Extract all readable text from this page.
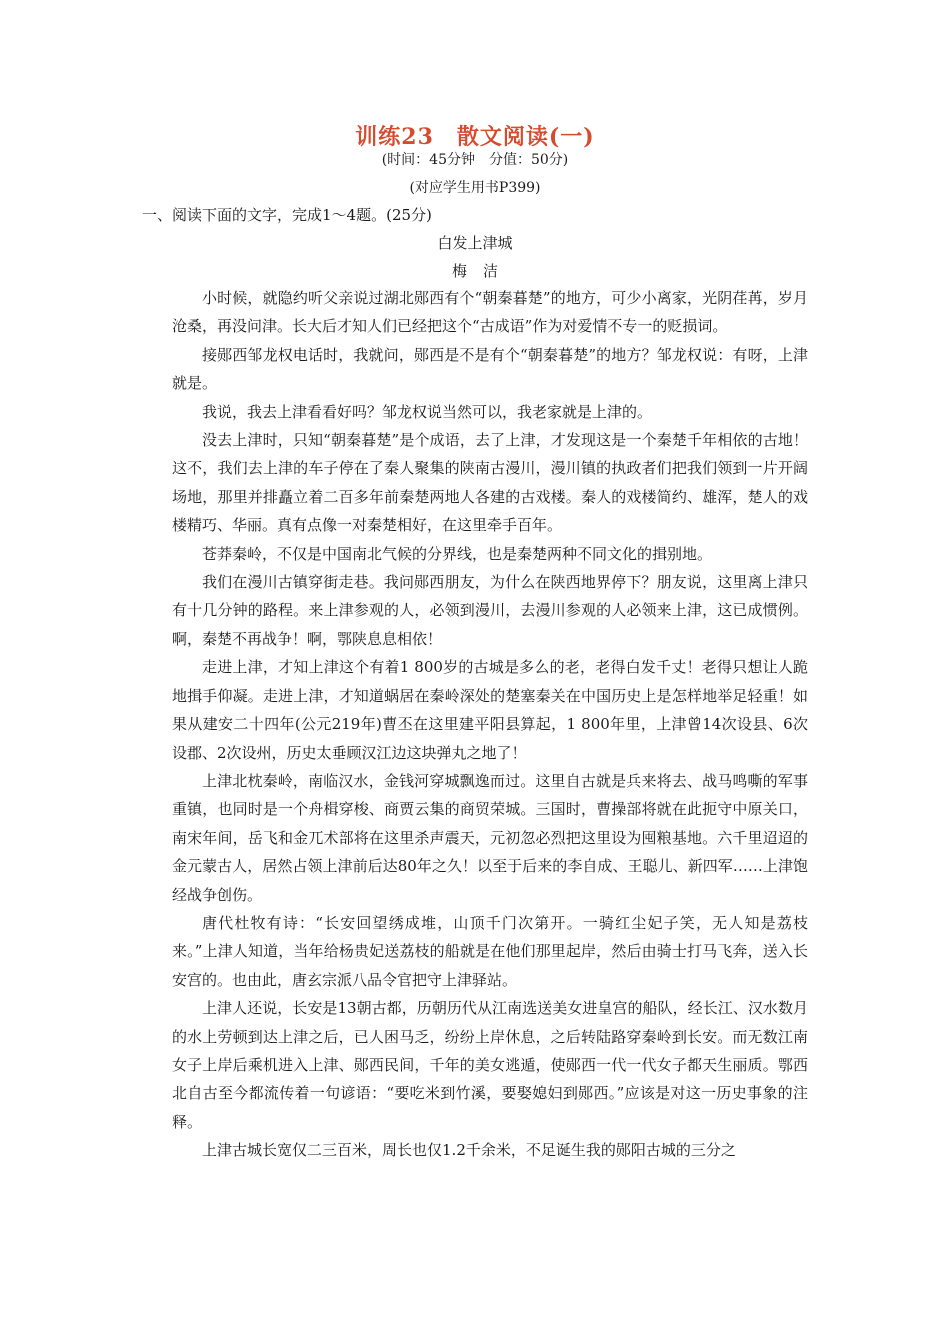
训练23　散文阅读(一)
(时间：45分钟　分值：50分)
(对应学生用书P399)
一、阅读下面的文字，完成1～4题。(25分)
白发上津城
梅洁

小时候，就隐约听父亲说过湖北郧西有个“朝秦暮楚”的地方，可少小离家，光阴荏苒，岁月沧桑，再没问津。长大后才知人们已经把这个“古成语”作为对爱情不专一的贬损词。

接郧西邹龙权电话时，我就问，郧西是不是有个“朝秦暮楚”的地方？邹龙权说：有呀，上津就是。

我说，我去上津看看好吗？邹龙权说当然可以，我老家就是上津的。

没去上津时，只知“朝秦暮楚”是个成语，去了上津，才发现这是一个秦楚千年相依的古地！这不，我们去上津的车子停在了秦人聚集的陕南古漫川，漫川镇的执政者们把我们领到一片开阔场地，那里并排矗立着二百多年前秦楚两地人各建的古戏楼。秦人的戏楼简约、雄浑，楚人的戏楼精巧、华丽。真有点像一对秦楚相好，在这里牵手百年。

苍莽秦岭，不仅是中国南北气候的分界线，也是秦楚两种不同文化的揖别地。

我们在漫川古镇穿街走巷。我问郧西朋友，为什么在陕西地界停下？朋友说，这里离上津只有十几分钟的路程。来上津参观的人，必领到漫川，去漫川参观的人必领来上津，这已成惯例。啊，秦楚不再战争！啊，鄂陕息息相依！

走进上津，才知上津这个有着1 800岁的古城是多么的老，老得白发千丈！老得只想让人跪地揖手仰凝。走进上津，才知道蜗居在秦岭深处的楚塞秦关在中国历史上是怎样地举足轻重！如果从建安二十四年(公元219年)曹丕在这里建平阳县算起，1 800年里，上津曾14次设县、6次设郡、2次设州，历史太垂顾汉江边这块弹丸之地了！

上津北枕秦岭，南临汉水，金钱河穿城飘逸而过。这里自古就是兵来将去、战马鸣嘶的军事重镇，也同时是一个舟楫穿梭、商贾云集的商贸荣城。三国时，曹操部将就在此扼守中原关口，南宋年间，岳飞和金兀术部将在这里杀声震天，元初忽必烈把这里设为囤粮基地。六千里迢迢的金元蒙古人，居然占领上津前后达80年之久！以至于后来的李自成、王聪儿、新四军……上津饱经战争创伤。

唐代杜牧有诗：“长安回望绣成堆，山顶千门次第开。一骑红尘妃子笑，无人知是荔枝来。”上津人知道，当年给杨贵妃送荔枝的船就是在他们那里起岸，然后由骑士打马飞奔，送入长安宫的。也由此，唐玄宗派八品令官把守上津驿站。

上津人还说，长安是13朝古都，历朝历代从江南选送美女进皇宫的船队，经长江、汉水数月的水上劳顿到达上津之后，已人困马乏，纷纷上岸休息，之后转陆路穿秦岭到长安。而无数江南女子上岸后乘机进入上津、郧西民间，千年的美女逃遁，使郧西一代一代女子都天生丽质。鄂西北自古至今都流传着一句谚语：“要吃米到竹溪，要娶媳妇到郧西。”应该是对这一历史事象的注释。

上津古城长宽仅二三百米，周长也仅1.2千余米，不足诞生我的郧阳古城的三分之
